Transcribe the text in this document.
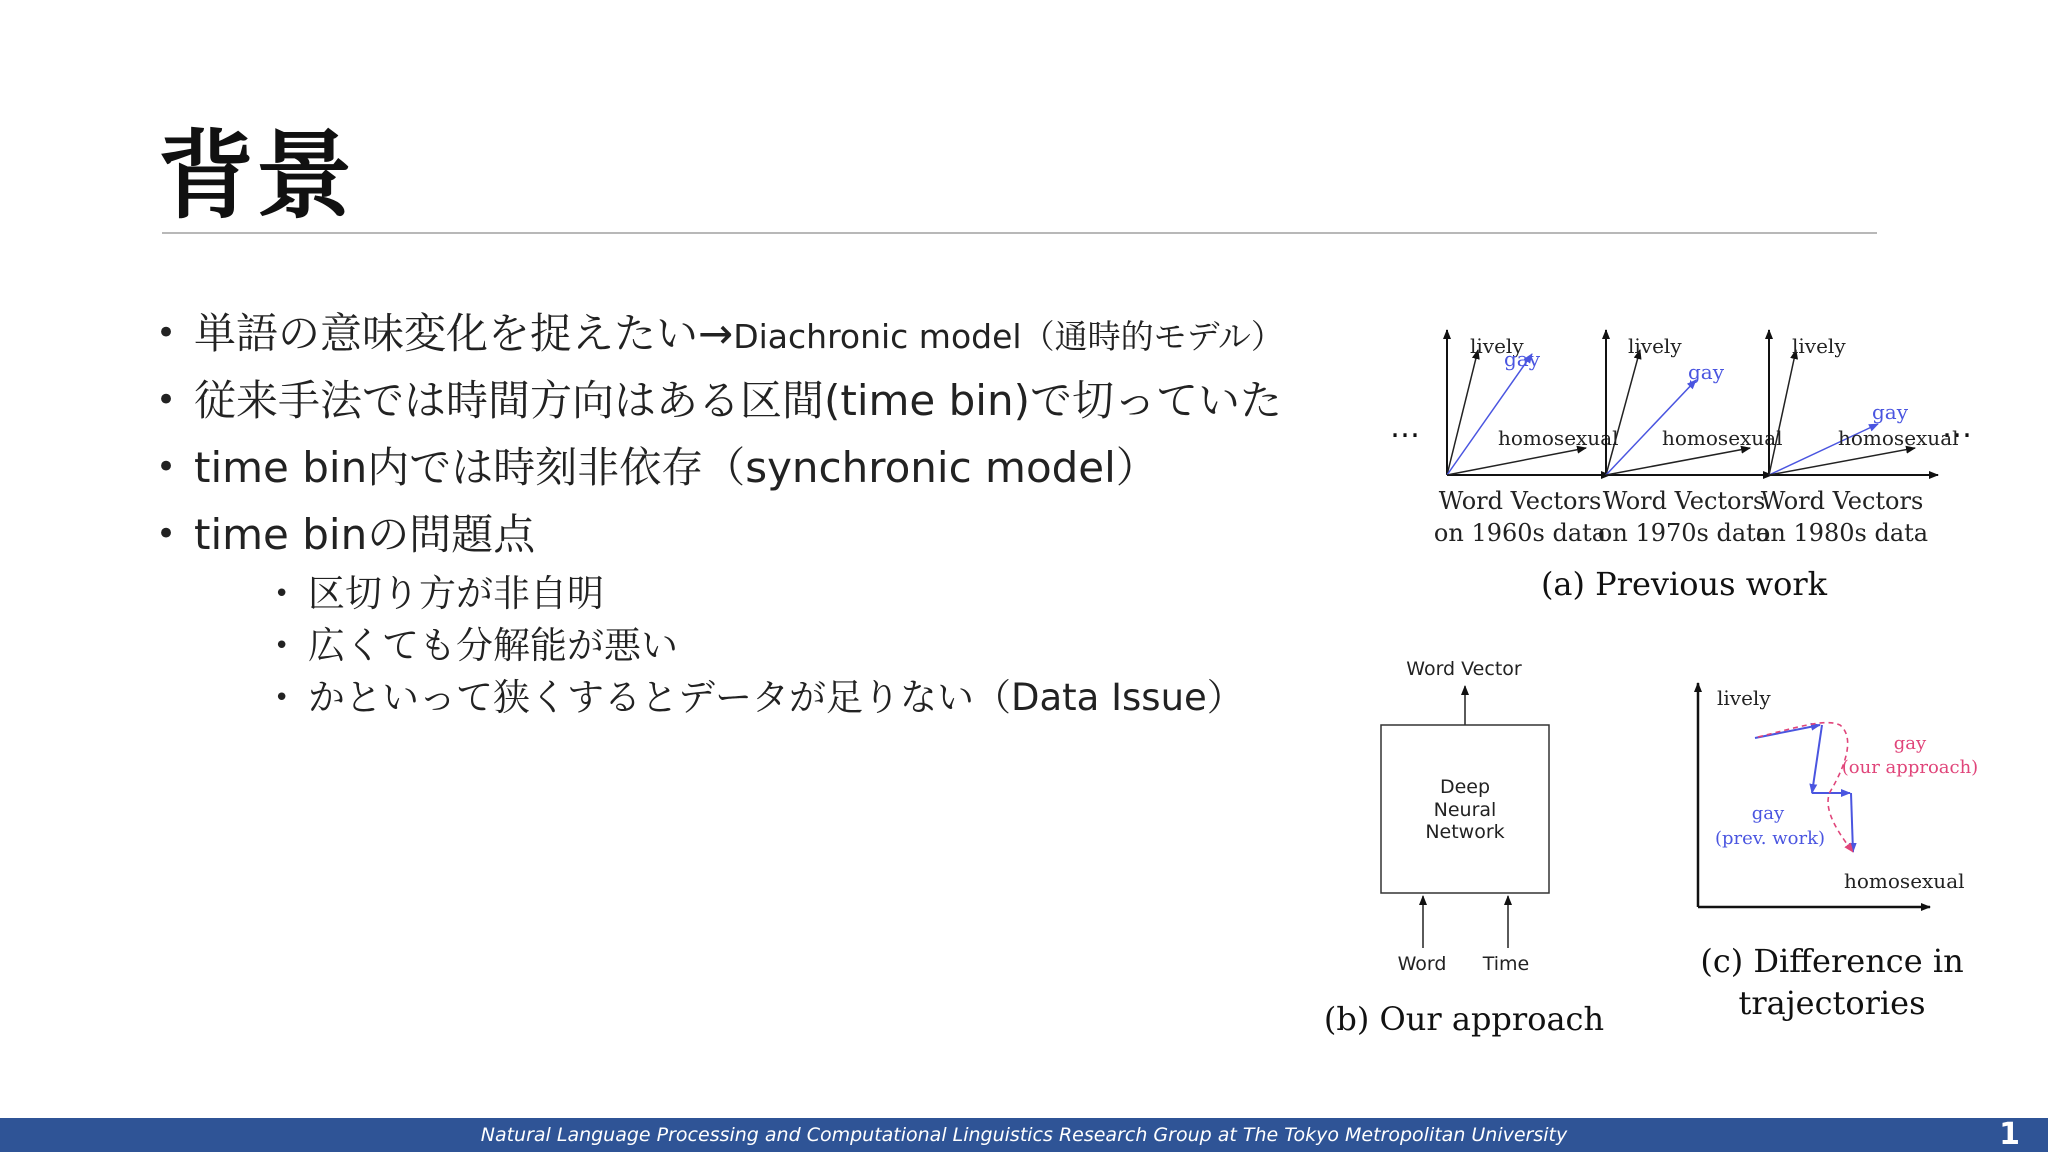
背景
• 単語の意味変化を捉えたい→Diachronic model（通時的モデル）
• 従来手法では時間方向はある区間(time bin)で切っていた
• time bin内では時刻非依存（synchronic model）
• time binの問題点
• 区切り方が非自明
• 広くても分解能が悪い
• かといって狭くするとデータが足りない（Data Issue）
…	…
lively
gay
homosexual
Word Vectors
on 1960s data
lively
gay
homosexual
Word Vectors
on 1970s data
lively
gay
homosexual
Word Vectors
on 1980s data
(a) Previous work
Word Vector
Deep
Neural
Network
Word Time
(b) Our approach
lively
homosexual
gay
(our approach)
gay
(prev. work)
(c) Difference in
trajectories
Natural Language Processing and Computational Linguistics Research Group at The Tokyo Metropolitan University	1
